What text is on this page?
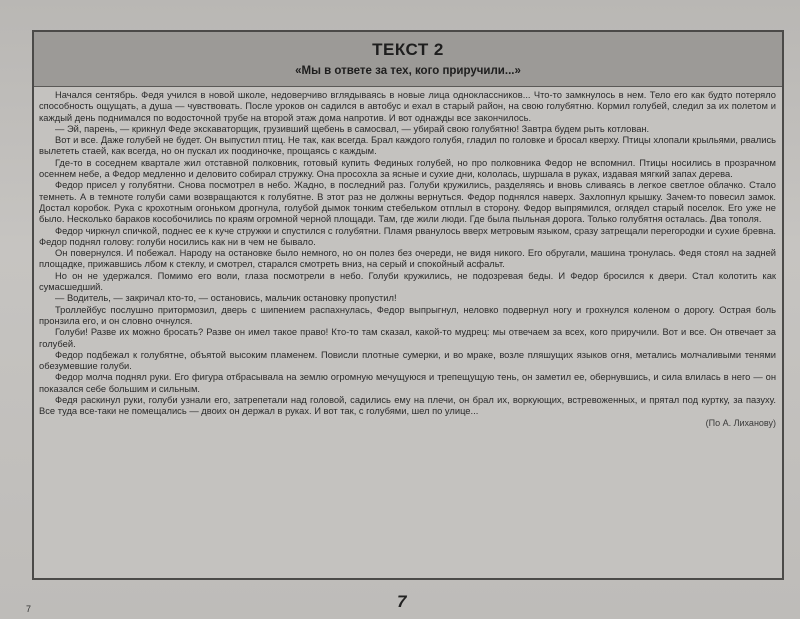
ТЕКСТ 2
«Мы в ответе за тех, кого приручили...»

Начался сентябрь. Федя учился в новой школе, недоверчиво вглядываясь в новые лица одноклассников... Что-то замкнулось в нем. Тело его как будто потеряло способность ощущать, а душа — чувствовать. После уроков он садился в автобус и ехал в старый район, на свою голубятню. Кормил голубей, следил за их полетом и каждый день поднимался по водосточной трубе на второй этаж дома напротив. И вот однажды все закончилось.

— Эй, парень, — крикнул Феде экскаваторщик, грузивший щебень в самосвал, — убирай свою голубятню! Завтра будем рыть котлован.

Вот и все. Даже голубей не будет. Он выпустил птиц. Не так, как всегда. Брал каждого голубя, гладил по головке и бросал кверху. Птицы хлопали крыльями, рвались вылететь стаей, как всегда, но он пускал их поодиночке, прощаясь с каждым.

Где-то в соседнем квартале жил отставной полковник, готовый купить Фединых голубей, но про полковника Федор не вспомнил. Птицы носились в прозрачном осеннем небе, а Федор медленно и деловито собирал стружку. Она просохла за ясные и сухие дни, кололась, шуршала в руках, издавая мягкий запах дерева.

Федор присел у голубятни. Снова посмотрел в небо. Жадно, в последний раз. Голуби кружились, разделяясь и вновь сливаясь в легкое светлое облачко. Стало темнеть. А в темноте голуби сами возвращаются к голубятне. В этот раз не должны вернуться. Федор поднялся наверх. Захлопнул крышку. Зачем-то повесил замок. Достал коробок. Рука с крохотным огоньком дрогнула, голубой дымок тонким стебельком отплыл в сторону. Федор выпрямился, оглядел старый поселок. Его уже не было. Несколько бараков кособочились по краям огромной черной площади. Там, где жили люди. Где была пыльная дорога. Только голубятня осталась. Два тополя.

Федор чиркнул спичкой, поднес ее к куче стружки и спустился с голубятни. Пламя рванулось вверх метровым языком, сразу затрещали перегородки и сухие бревна. Федор поднял голову: голуби носились как ни в чем не бывало.

Он повернулся. И побежал. Народу на остановке было немного, но он полез без очереди, не видя никого. Его обругали, машина тронулась. Федя стоял на задней площадке, прижавшись лбом к стеклу, и смотрел, старался смотреть вниз, на серый и спокойный асфальт.

Но он не удержался. Помимо его воли, глаза посмотрели в небо. Голуби кружились, не подозревая беды. И Федор бросился к двери. Стал колотить как сумасшедший.

— Водитель, — закричал кто-то, — остановись, мальчик остановку пропустил!

Троллейбус послушно притормозил, дверь с шипением распахнулась, Федор выпрыгнул, неловко подвернул ногу и грохнулся коленом о дорогу. Острая боль пронзила его, и он словно очнулся.

Голуби! Разве их можно бросать? Разве он имел такое право! Кто-то там сказал, какой-то мудрец: мы отвечаем за всех, кого приручили. Вот и все. Он отвечает за голубей.

Федор подбежал к голубятне, объятой высоким пламенем. Повисли плотные сумерки, и во мраке, возле пляшущих языков огня, метались молчаливыми тенями обезумевшие голуби.

Федор молча поднял руки. Его фигура отбрасывала на землю огромную мечущуюся и трепещущую тень, он заметил ее, обернувшись, и сила влилась в него — он показался себе большим и сильным.

Федя раскинул руки, голуби узнали его, затрепетали над головой, садились ему на плечи, он брал их, воркующих, встревоженных, и прятал под куртку, за пазуху. Все туда все-таки не помещались — двоих он держал в руках. И вот так, с голубями, шел по улице...

(По А. Лиханову)

7
7
